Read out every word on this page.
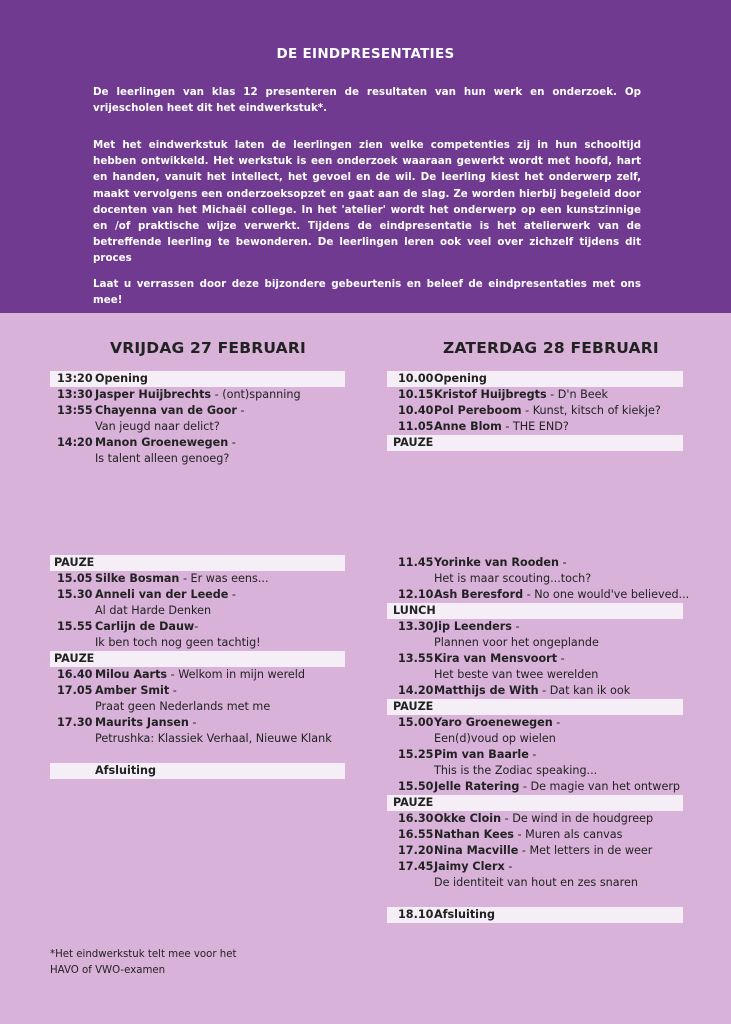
DE EINDPRESENTATIES

De leerlingen van klas 12 presenteren de resultaten van hun werk en onderzoek. Op vrijescholen heet dit het eindwerkstuk*.

Met het eindwerkstuk laten de leerlingen zien welke competenties zij in hun schooltijd hebben ontwikkeld. Het werkstuk is een onderzoek waaraan gewerkt wordt met hoofd, hart en handen, vanuit het intellect, het gevoel en de wil. De leerling kiest het onderwerp zelf, maakt vervolgens een onderzoeksopzet en gaat aan de slag. Ze worden hierbij begeleid door docenten van het Michaël college. In het 'atelier' wordt het onderwerp op een kunstzinnige en /of praktische wijze verwerkt. Tijdens de eindpresentatie is het atelierwerk van de betreffende leerling te bewonderen. De leerlingen leren ook veel over zichzelf tijdens dit proces

Laat u verrassen door deze bijzondere gebeurtenis en beleef de eindpresentaties met ons mee!

VRIJDAG 27 FEBRUARI	ZATERDAG 28 FEBRUARI
13:20 Opening
13:30 Jasper Huijbrechts - (ont)spanning
13:55 Chayenna van de Goor -
Van jeugd naar delict?
14:20 Manon Groenewegen -
Is talent alleen genoeg?
PAUZE
15.05 Silke Bosman - Er was eens...
15.30 Anneli van der Leede -
Al dat Harde Denken
15.55 Carlijn de Dauw-
Ik ben toch nog geen tachtig!
PAUZE
16.40 Milou Aarts - Welkom in mijn wereld
17.05 Amber Smit -
Praat geen Nederlands met me
17.30 Maurits Jansen -
Petrushka: Klassiek Verhaal, Nieuwe Klank
Afsluiting
10.00 Opening
10.15 Kristof Huijbregts - D'n Beek
10.40 Pol Pereboom - Kunst, kitsch of kiekje?
11.05 Anne Blom - THE END?
PAUZE
11.45 Yorinke van Rooden -
Het is maar scouting...toch?
12.10 Ash Beresford - No one would've believed...
LUNCH
13.30 Jip Leenders -
Plannen voor het ongeplande
13.55 Kira van Mensvoort -
Het beste van twee werelden
14.20 Matthijs de With - Dat kan ik ook
PAUZE
15.00 Yaro Groenewegen -
Een(d)voud op wielen
15.25 Pim van Baarle -
This is the Zodiac speaking...
15.50 Jelle Ratering - De magie van het ontwerp
PAUZE
16.30 Okke Cloin - De wind in de houdgreep
16.55 Nathan Kees - Muren als canvas
17.20 Nina Macville - Met letters in de weer
17.45 Jaimy Clerx -
De identiteit van hout en zes snaren
18.10 Afsluiting

*Het eindwerkstuk telt mee voor het
HAVO of VWO-examen
